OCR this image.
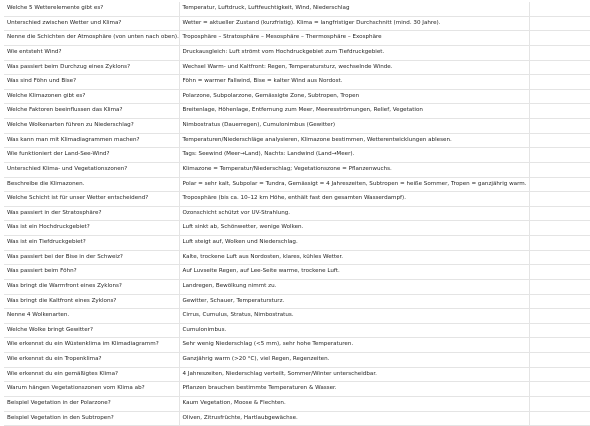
	Welche 5 Wetterelemente gibt es?	Temperatur, Luftdruck, Luftfeuchtigkeit, Wind, Niederschlag	
	Unterschied zwischen Wetter und Klima?	Wetter = aktueller Zustand (kurzfristig). Klima = langfristiger Durchschnitt (mind. 30 Jahre).	
	Nenne die Schichten der Atmosphäre (von unten nach oben).	Troposphäre – Stratosphäre – Mesosphäre – Thermosphäre – Exosphäre	
	Wie entsteht Wind?	Druckausgleich: Luft strömt vom Hochdruckgebiet zum Tiefdruckgebiet.	
	Was passiert beim Durchzug eines Zyklons?	Wechsel Warm- und Kaltfront: Regen, Temperatursturz, wechselnde Winde.	
	Was sind Föhn und Bise?	Föhn = warmer Fallwind, Bise = kalter Wind aus Nordost.	
	Welche Klimazonen gibt es?	Polarzone, Subpolarzone, Gemässigte Zone, Subtropen, Tropen	
	Welche Faktoren beeinflussen das Klima?	Breitenlage, Höhenlage, Entfernung zum Meer, Meeresströmungen, Relief, Vegetation	
	Welche Wolkenarten führen zu Niederschlag?	Nimbostratus (Dauerregen), Cumulonimbus (Gewitter)	
	Was kann man mit Klimadiagrammen machen?	Temperaturen/Niederschläge analysieren, Klimazone bestimmen, Wetterentwicklungen ablesen.	
	Wie funktioniert der Land-See-Wind?	Tags: Seewind (Meer→Land), Nachts: Landwind (Land→Meer).	
	Unterschied Klima- und Vegetationszonen?	Klimazone = Temperatur/Niederschlag; Vegetationszone = Pflanzenwuchs.	
	Beschreibe die Klimazonen.	Polar = sehr kalt, Subpolar = Tundra, Gemässigt = 4 Jahreszeiten, Subtropen = heiße Sommer, Tropen = ganzjährig warm.	
	Welche Schicht ist für unser Wetter entscheidend?	Troposphäre (bis ca. 10–12 km Höhe, enthält fast den gesamten Wasserdampf).	
	Was passiert in der Stratosphäre?	Ozonschicht schützt vor UV-Strahlung.	
	Was ist ein Hochdruckgebiet?	Luft sinkt ab, Schönwetter, wenige Wolken.	
	Was ist ein Tiefdruckgebiet?	Luft steigt auf, Wolken und Niederschlag.	
	Was passiert bei der Bise in der Schweiz?	Kalte, trockene Luft aus Nordosten, klares, kühles Wetter.	
	Was passiert beim Föhn?	Auf Luvseite Regen, auf Lee-Seite warme, trockene Luft.	
	Was bringt die Warmfront eines Zyklons?	Landregen, Bewölkung nimmt zu.	
	Was bringt die Kaltfront eines Zyklons?	Gewitter, Schauer, Temperatursturz.	
	Nenne 4 Wolkenarten.	Cirrus, Cumulus, Stratus, Nimbostratus.	
	Welche Wolke bringt Gewitter?	Cumulonimbus.	
	Wie erkennst du ein Wüstenklima im Klimadiagramm?	Sehr wenig Niederschlag (<5 mm), sehr hohe Temperaturen.	
	Wie erkennst du ein Tropenklima?	Ganzjährig warm (>20 °C), viel Regen, Regenzeiten.	
	Wie erkennst du ein gemäßigtes Klima?	4 Jahreszeiten, Niederschlag verteilt, Sommer/Winter unterscheidbar.	
	Warum hängen Vegetationszonen vom Klima ab?	Pflanzen brauchen bestimmte Temperaturen & Wasser.	
	Beispiel Vegetation in der Polarzone?	Kaum Vegetation, Moose & Flechten.	
	Beispiel Vegetation in den Subtropen?	Oliven, Zitrusfrüchte, Hartlaubgewächse.	
